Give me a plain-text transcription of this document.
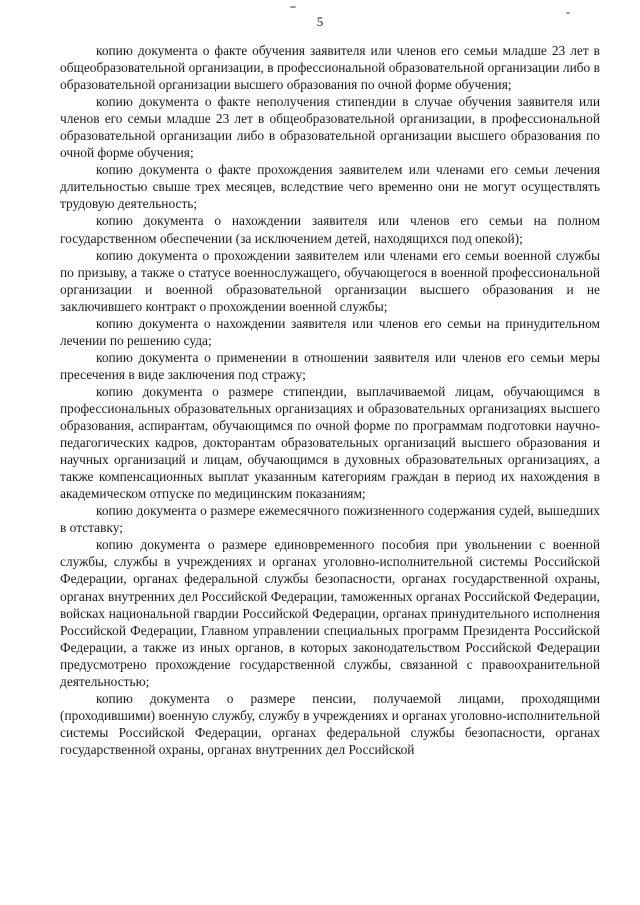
5

копию документа о факте обучения заявителя или членов его семьи младше 23 лет в общеобразовательной организации, в профессиональной образовательной организации либо в образовательной организации высшего образования по очной форме обучения;

копию документа о факте неполучения стипендии в случае обучения заявителя или членов его семьи младше 23 лет в общеобразовательной организации, в профессиональной образовательной организации либо в образовательной организации высшего образования по очной форме обучения;

копию документа о факте прохождения заявителем или членами его семьи лечения длительностью свыше трех месяцев, вследствие чего временно они не могут осуществлять трудовую деятельность;

копию документа о нахождении заявителя или членов его семьи на полном государственном обеспечении (за исключением детей, находящихся под опекой);

копию документа о прохождении заявителем или членами его семьи военной службы по призыву, а также о статусе военнослужащего, обучающегося в военной профессиональной организации и военной образовательной организации высшего образования и не заключившего контракт о прохождении военной службы;

копию документа о нахождении заявителя или членов его семьи на принудительном лечении по решению суда;

копию документа о применении в отношении заявителя или членов его семьи меры пресечения в виде заключения под стражу;

копию документа о размере стипендии, выплачиваемой лицам, обучающимся в профессиональных образовательных организациях и образовательных организациях высшего образования, аспирантам, обучающимся по очной форме по программам подготовки научно-педагогических кадров, докторантам образовательных организаций высшего образования и научных организаций и лицам, обучающимся в духовных образовательных организациях, а также компенсационных выплат указанным категориям граждан в период их нахождения в академическом отпуске по медицинским показаниям;

копию документа о размере ежемесячного пожизненного содержания судей, вышедших в отставку;

копию документа о размере единовременного пособия при увольнении с военной службы, службы в учреждениях и органах уголовно-исполнительной системы Российской Федерации, органах федеральной службы безопасности, органах государственной охраны, органах внутренних дел Российской Федерации, таможенных органах Российской Федерации, войсках национальной гвардии Российской Федерации, органах принудительного исполнения Российской Федерации, Главном управлении специальных программ Президента Российской Федерации, а также из иных органов, в которых законодательством Российской Федерации предусмотрено прохождение государственной службы, связанной с правоохранительной деятельностью;

копию документа о размере пенсии, получаемой лицами, проходящими (проходившими) военную службу, службу в учреждениях и органах уголовно-исполнительной системы Российской Федерации, органах федеральной службы безопасности, органах государственной охраны, органах внутренних дел Российской
